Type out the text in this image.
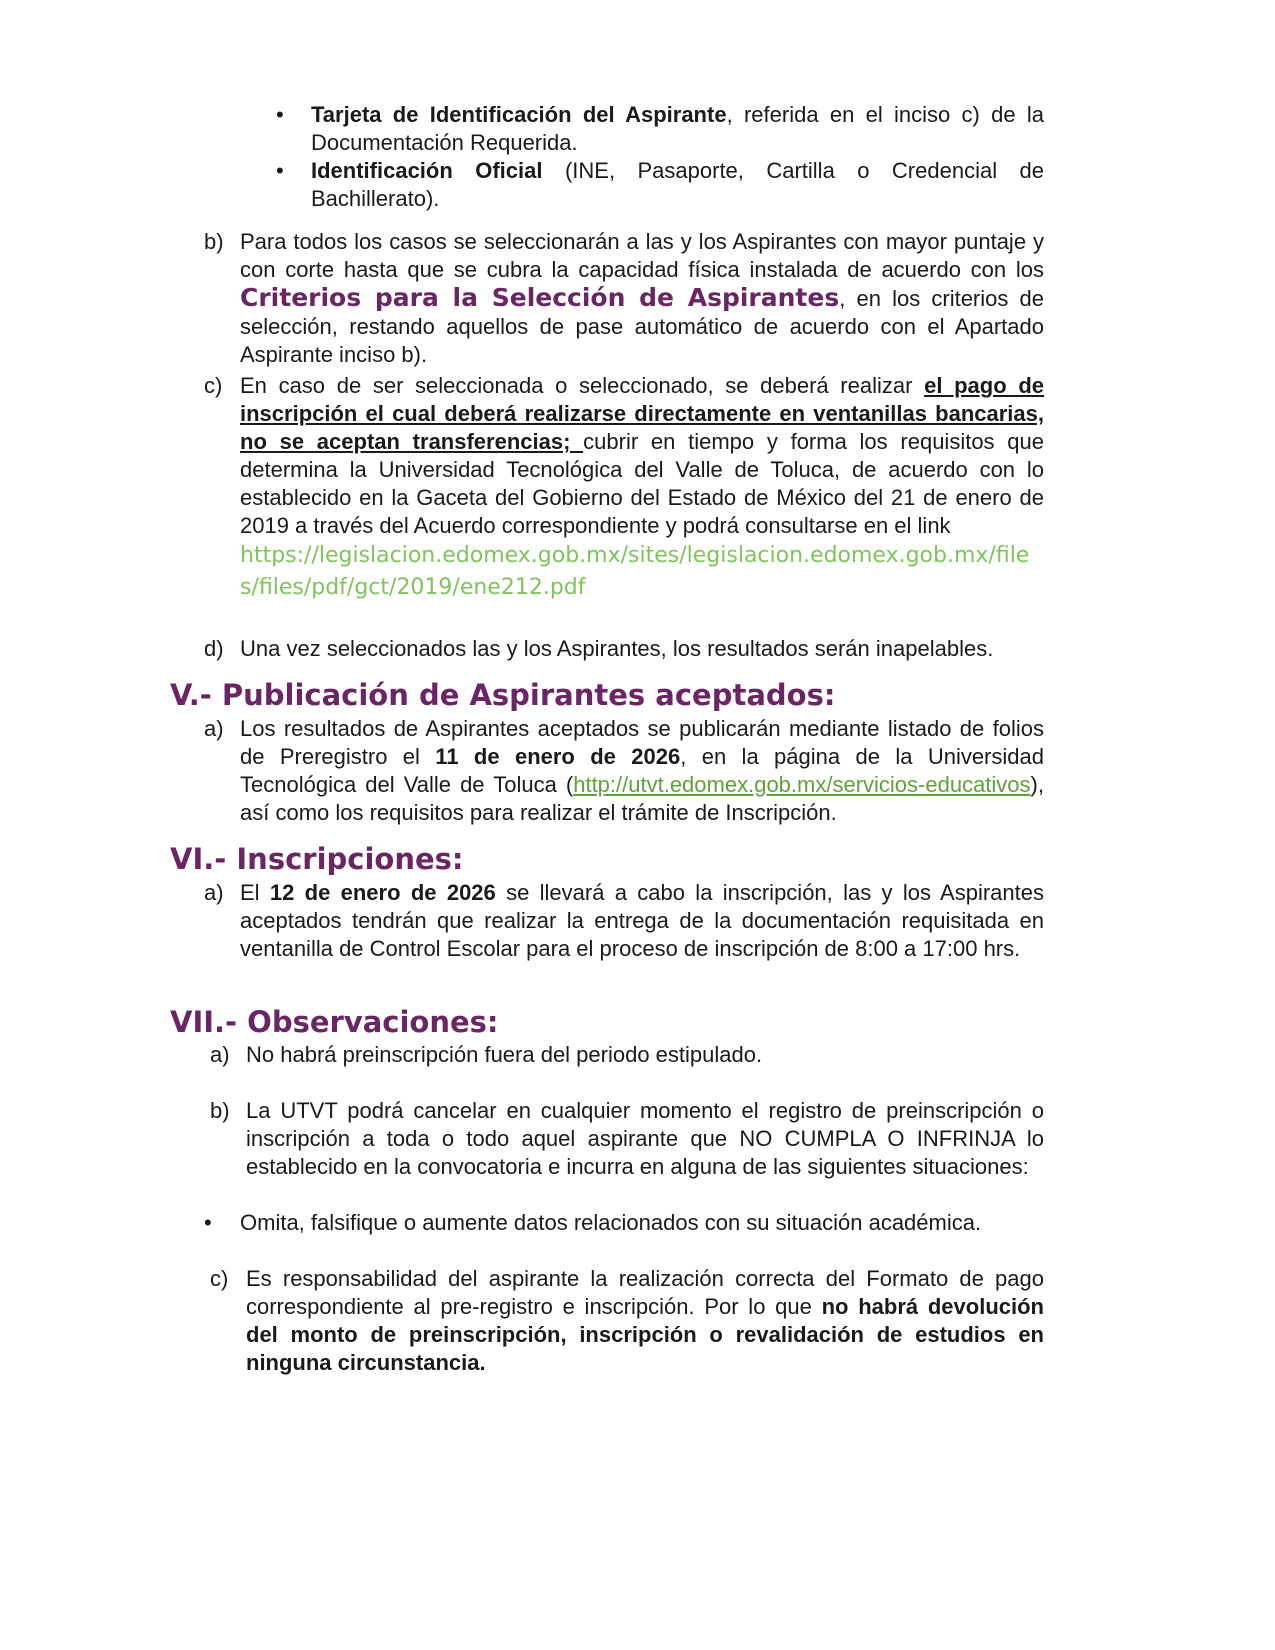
• Tarjeta de Identificación del Aspirante, referida en el inciso c) de la Documentación Requerida.
• Identificación Oficial (INE, Pasaporte, Cartilla o Credencial de Bachillerato).
b) Para todos los casos se seleccionarán a las y los Aspirantes con mayor puntaje y con corte hasta que se cubra la capacidad física instalada de acuerdo con los Criterios para la Selección de Aspirantes, en los criterios de selección, restando aquellos de pase automático de acuerdo con el Apartado Aspirante inciso b).
c) En caso de ser seleccionada o seleccionado, se deberá realizar el pago de inscripción el cual deberá realizarse directamente en ventanillas bancarias, no se aceptan transferencias; cubrir en tiempo y forma los requisitos que determina la Universidad Tecnológica del Valle de Toluca, de acuerdo con lo establecido en la Gaceta del Gobierno del Estado de México del 21 de enero de 2019 a través del Acuerdo correspondiente y podrá consultarse en el link
https://legislacion.edomex.gob.mx/sites/legislacion.edomex.gob.mx/files/files/pdf/gct/2019/ene212.pdf
d) Una vez seleccionados las y los Aspirantes, los resultados serán inapelables.
V.- Publicación de Aspirantes aceptados:
a) Los resultados de Aspirantes aceptados se publicarán mediante listado de folios de Preregistro el 11 de enero de 2026, en la página de la Universidad Tecnológica del Valle de Toluca (http://utvt.edomex.gob.mx/servicios-educativos), así como los requisitos para realizar el trámite de Inscripción.
VI.- Inscripciones:
a) El 12 de enero de 2026 se llevará a cabo la inscripción, las y los Aspirantes aceptados tendrán que realizar la entrega de la documentación requisitada en ventanilla de Control Escolar para el proceso de inscripción de 8:00 a 17:00 hrs.
VII.- Observaciones:
a) No habrá preinscripción fuera del periodo estipulado.
b) La UTVT podrá cancelar en cualquier momento el registro de preinscripción o inscripción a toda o todo aquel aspirante que NO CUMPLA O INFRINJA lo establecido en la convocatoria e incurra en alguna de las siguientes situaciones:
• Omita, falsifique o aumente datos relacionados con su situación académica.
c) Es responsabilidad del aspirante la realización correcta del Formato de pago correspondiente al pre-registro e inscripción. Por lo que no habrá devolución del monto de preinscripción, inscripción o revalidación de estudios en ninguna circunstancia.
